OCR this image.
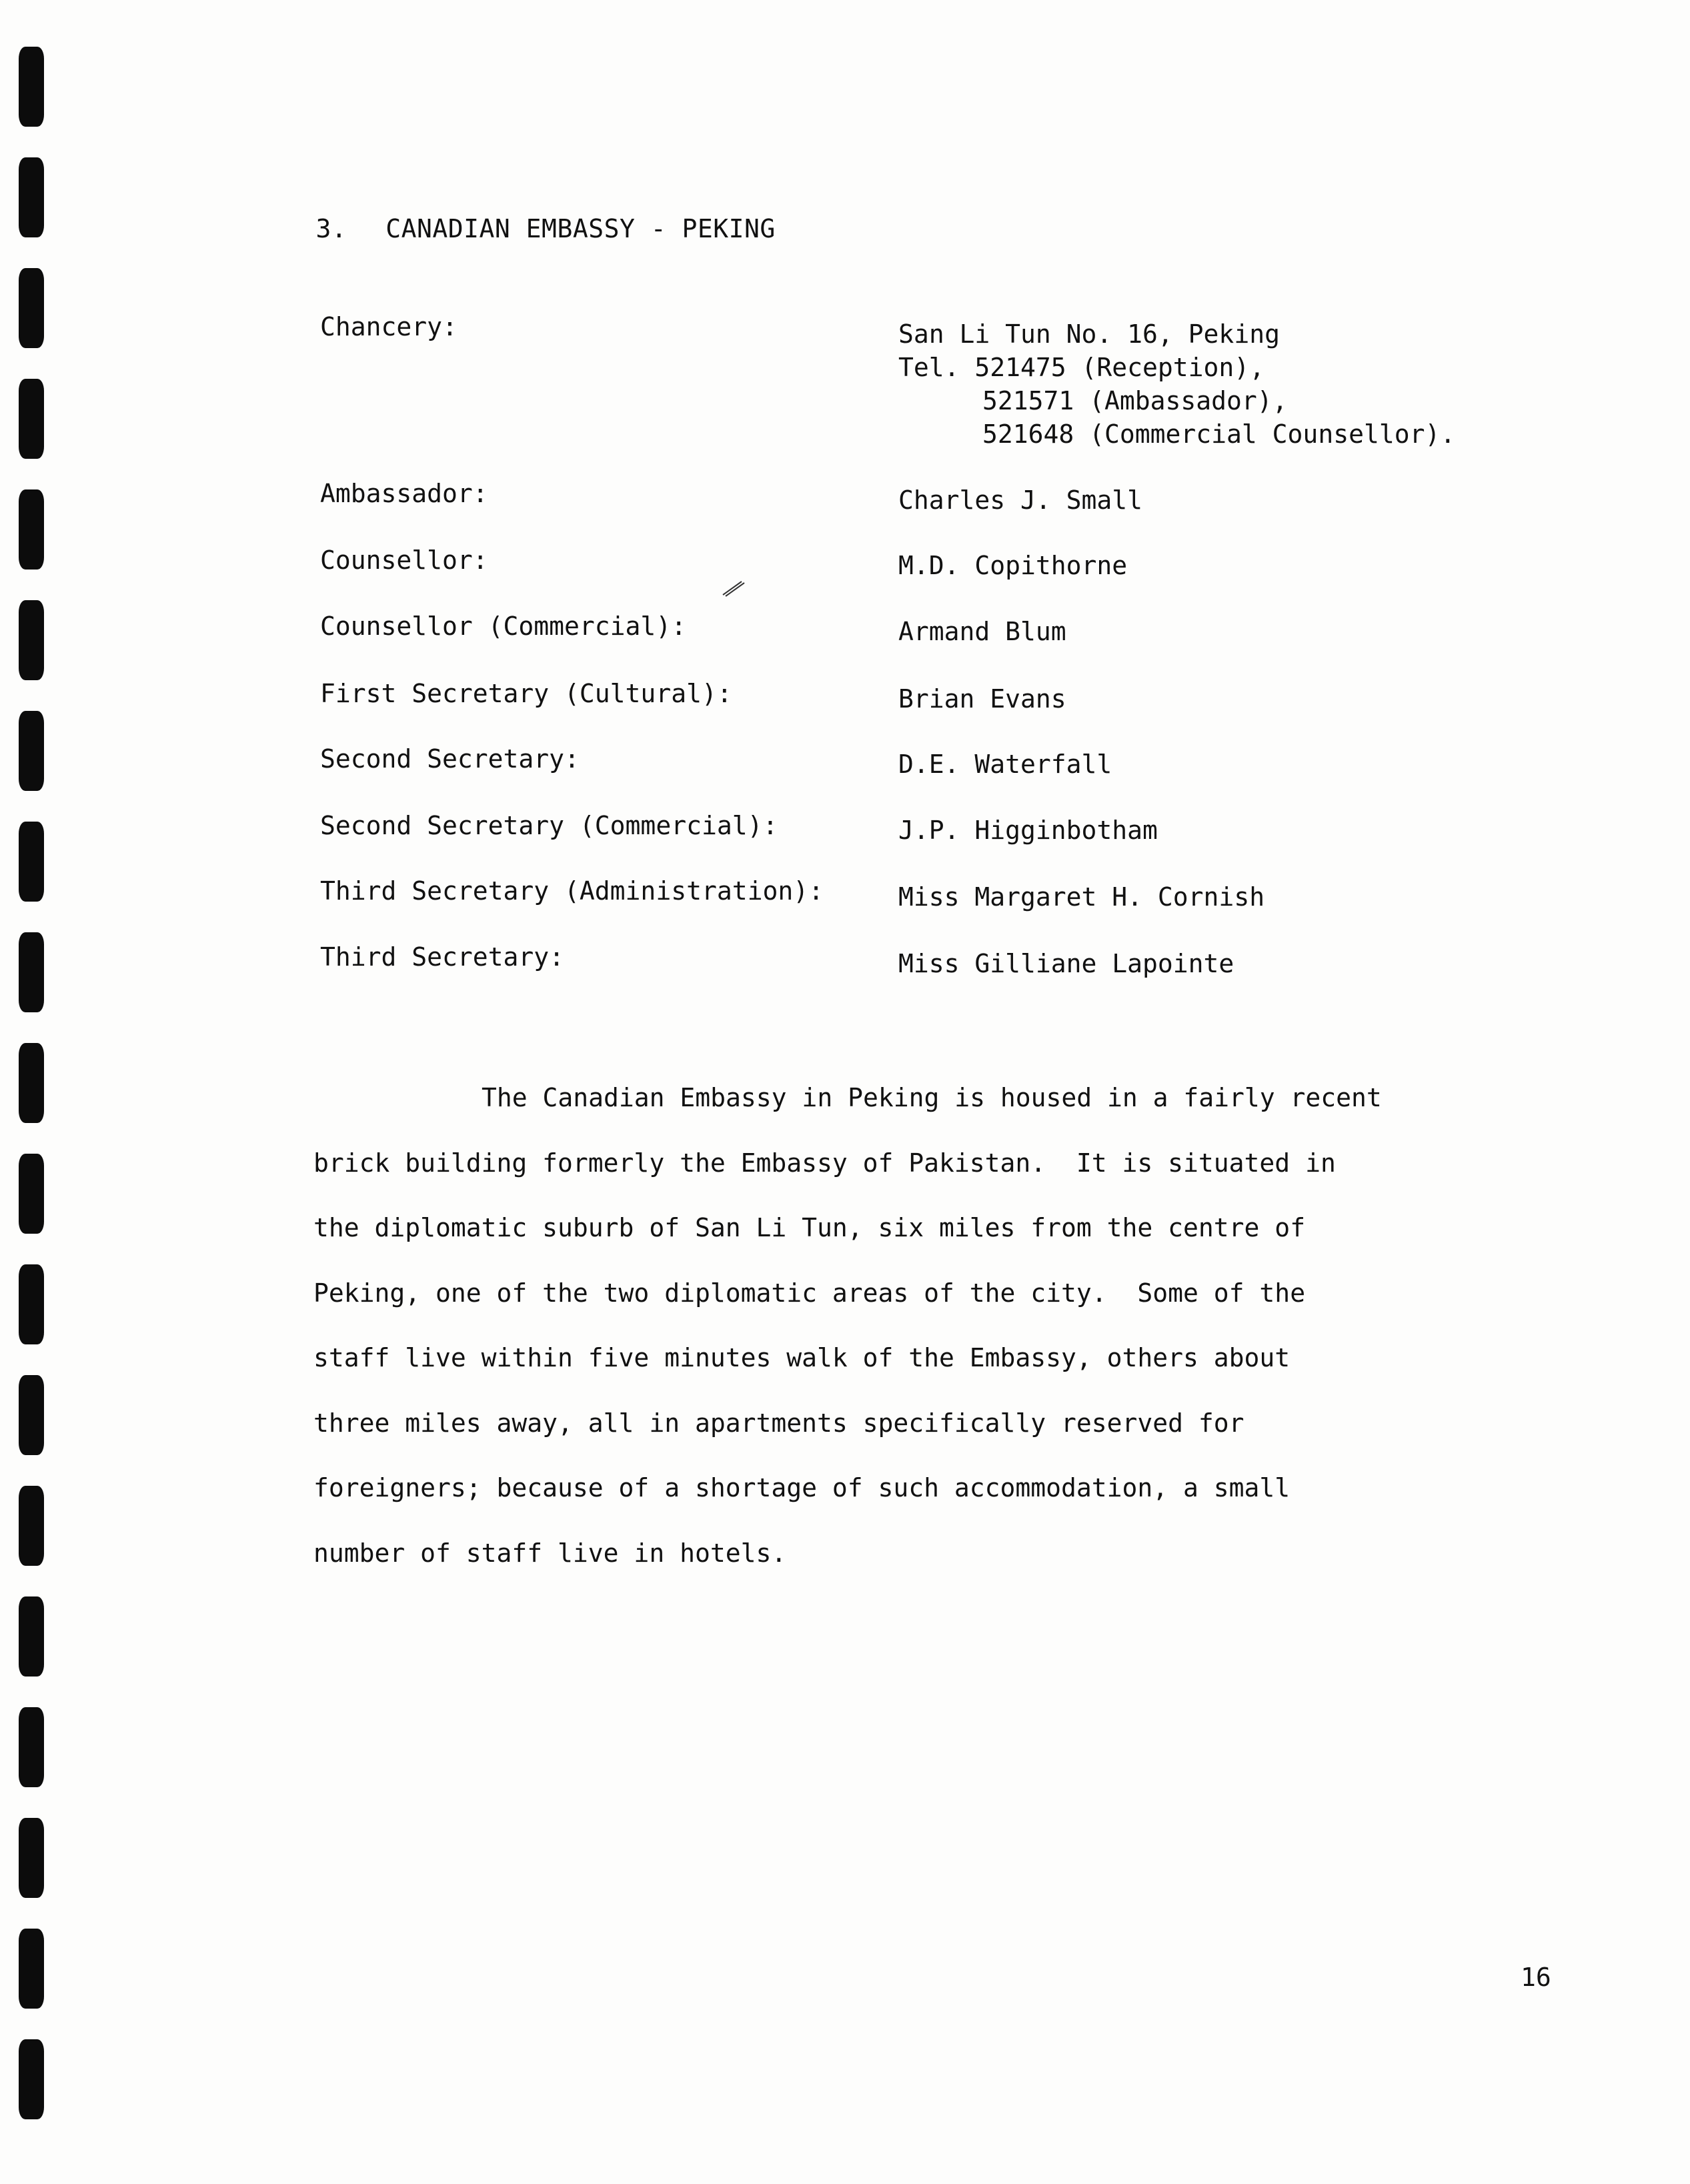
3. CANADIAN EMBASSY - PEKING

Chancery:	San Li Tun No. 16, Peking
Tel. 521475 (Reception),
521571 (Ambassador),
521648 (Commercial Counsellor).
Ambassador:	Charles J. Small
Counsellor:	M.D. Copithorne
Counsellor (Commercial):	Armand Blum
First Secretary (Cultural):	Brian Evans
Second Secretary:	D.E. Waterfall
Second Secretary (Commercial):	J.P. Higginbotham
Third Secretary (Administration):	Miss Margaret H. Cornish
Third Secretary:	Miss Gilliane Lapointe
The Canadian Embassy in Peking is housed in a fairly recent
brick building formerly the Embassy of Pakistan.  It is situated in
the diplomatic suburb of San Li Tun, six miles from the centre of
Peking, one of the two diplomatic areas of the city.  Some of the
staff live within five minutes walk of the Embassy, others about
three miles away, all in apartments specifically reserved for
foreigners; because of a shortage of such accommodation, a small
number of staff live in hotels.
16
